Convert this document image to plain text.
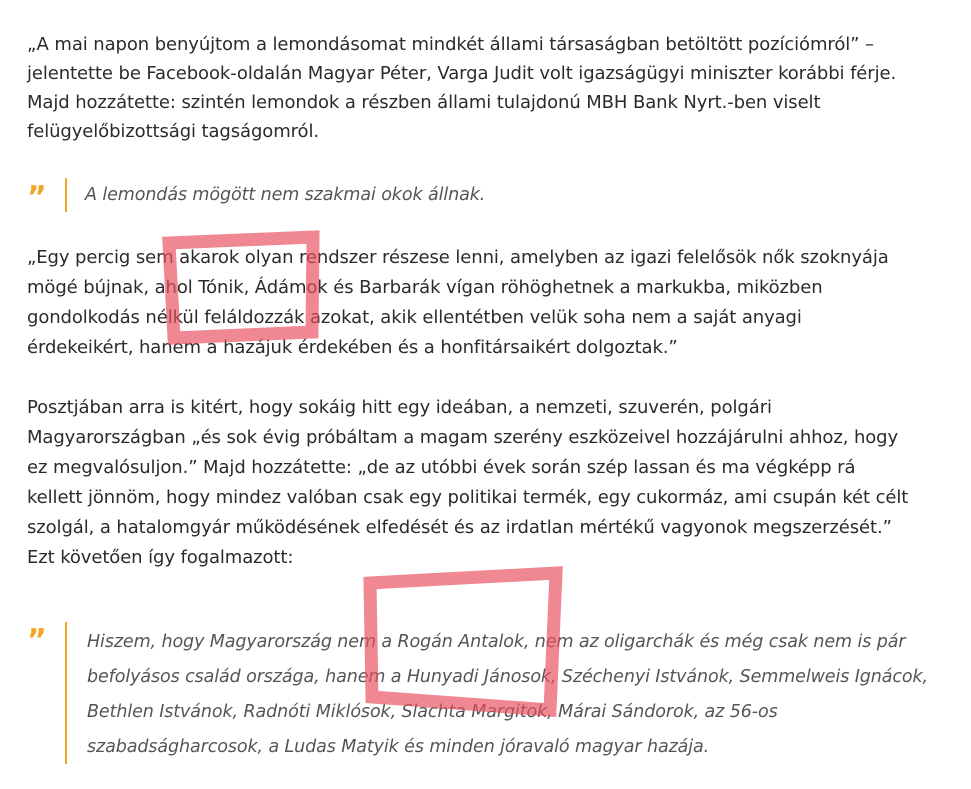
„A mai napon benyújtom a lemondásomat mindkét állami társaságban betöltött pozíciómról” –
jelentette be Facebook-oldalán Magyar Péter, Varga Judit volt igazságügyi miniszter korábbi férje.
Majd hozzátette: szintén lemondok a részben állami tulajdonú MBH Bank Nyrt.-ben viselt
felügyelőbizottsági tagságomról.
” A lemondás mögött nem szakmai okok állnak.
„Egy percig sem akarok olyan rendszer részese lenni, amelyben az igazi felelősök nők szoknyája
mögé bújnak, ahol Tónik, Ádámok és Barbarák vígan röhöghetnek a markukba, miközben
gondolkodás nélkül feláldozzák azokat, akik ellentétben velük soha nem a saját anyagi
érdekeikért, hanem a hazájuk érdekében és a honfitársaikért dolgoztak.”
Posztjában arra is kitért, hogy sokáig hitt egy ideában, a nemzeti, szuverén, polgári
Magyarországban „és sok évig próbáltam a magam szerény eszközeivel hozzájárulni ahhoz, hogy
ez megvalósuljon.” Majd hozzátette: „de az utóbbi évek során szép lassan és ma végképp rá
kellett jönnöm, hogy mindez valóban csak egy politikai termék, egy cukormáz, ami csupán két célt
szolgál, a hatalomgyár működésének elfedését és az irdatlan mértékű vagyonok megszerzését.”
Ezt követően így fogalmazott:
” Hiszem, hogy Magyarország nem a Rogán Antalok, nem az oligarchák és még csak nem is pár
befolyásos család országa, hanem a Hunyadi Jánosok, Széchenyi Istvánok, Semmelweis Ignácok,
Bethlen Istvánok, Radnóti Miklósok, Slachta Margitok, Márai Sándorok, az 56-os
szabadságharcosok, a Ludas Matyik és minden jóravaló magyar hazája.
